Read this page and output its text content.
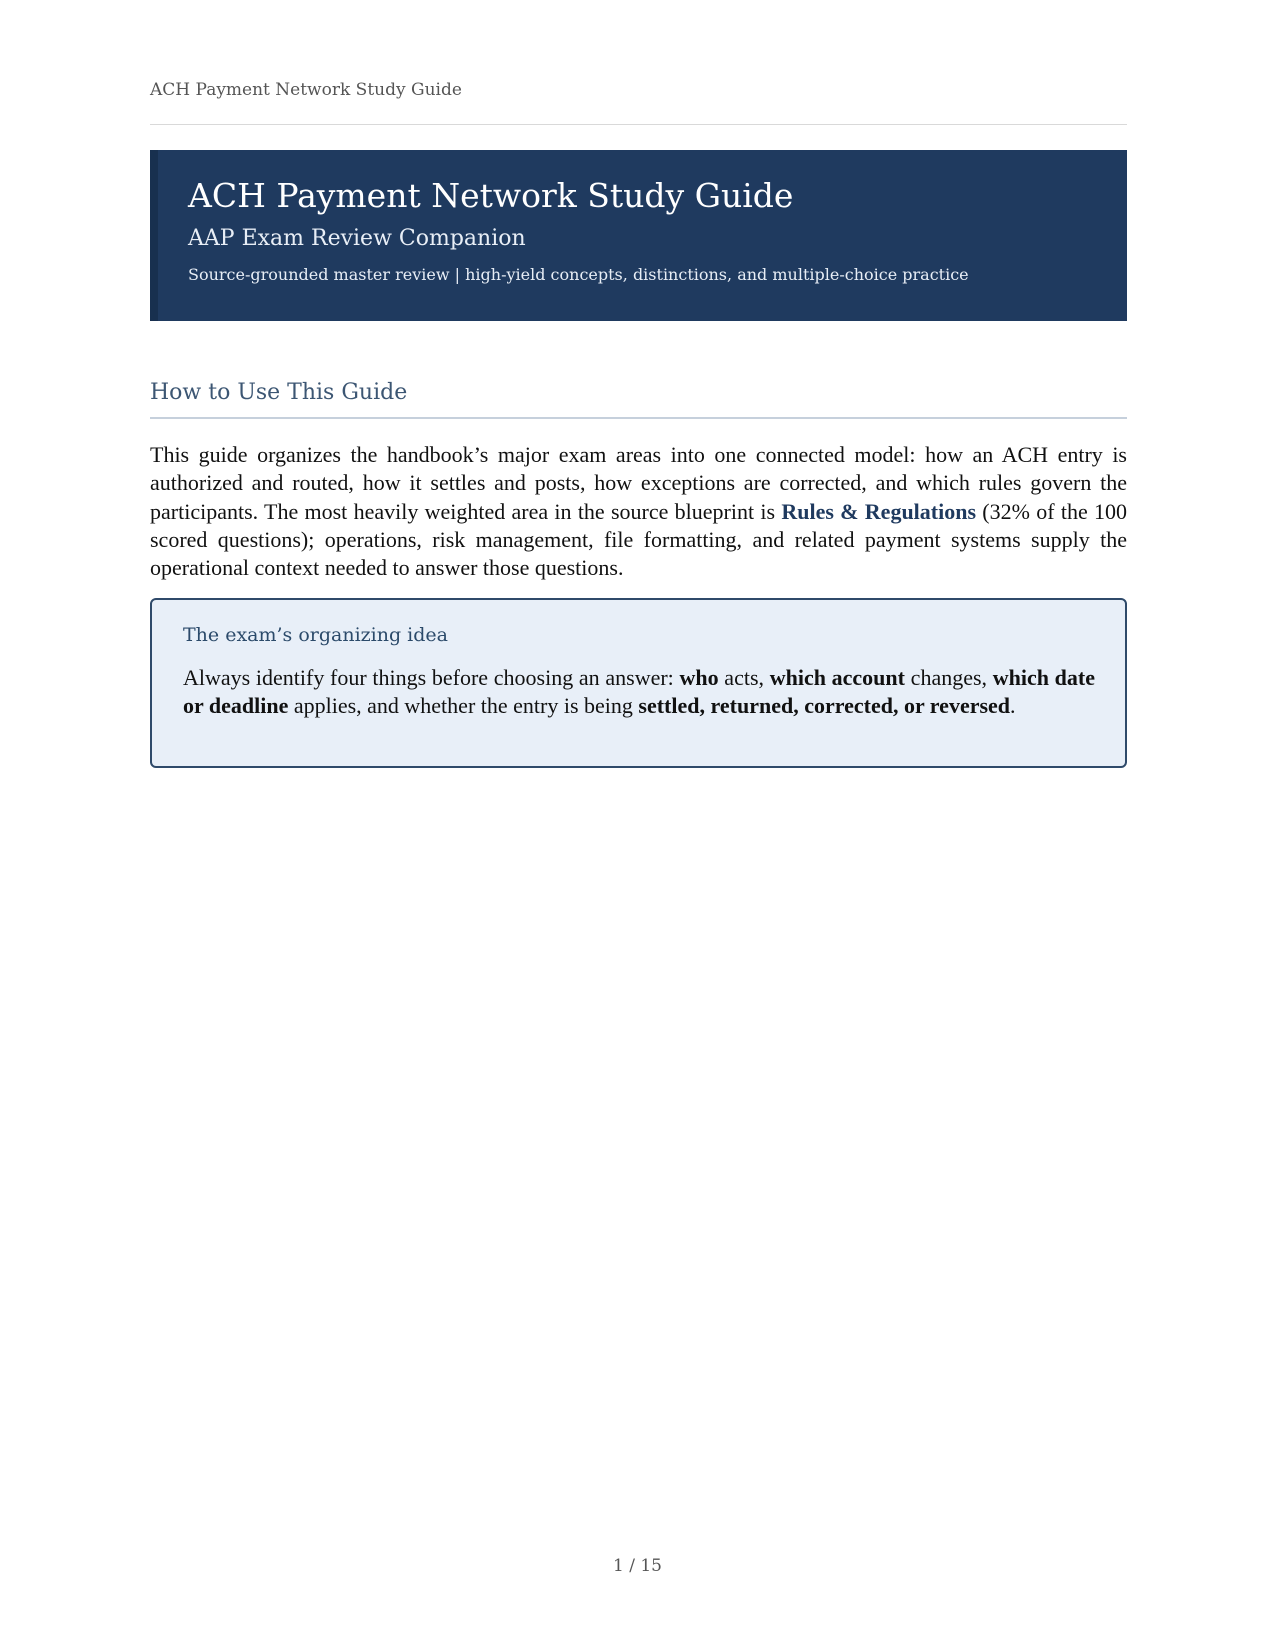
ACH Payment Network Study Guide
ACH Payment Network Study Guide
AAP Exam Review Companion
Source-grounded master review | high-yield concepts, distinctions, and multiple-choice practice
How to Use This Guide

This guide organizes the handbook’s major exam areas into one connected model: how an ACH entry is authorized and routed, how it settles and posts, how exceptions are corrected, and which rules govern the participants. The most heavily weighted area in the source blueprint is Rules & Regulations (32% of the 100 scored questions); operations, risk management, file formatting, and related payment systems supply the operational context needed to answer those questions.

The exam’s organizing idea

Always identify four things before choosing an answer: who acts, which account changes, which date or deadline applies, and whether the entry is being settled, returned, corrected, or reversed.

1 / 15
